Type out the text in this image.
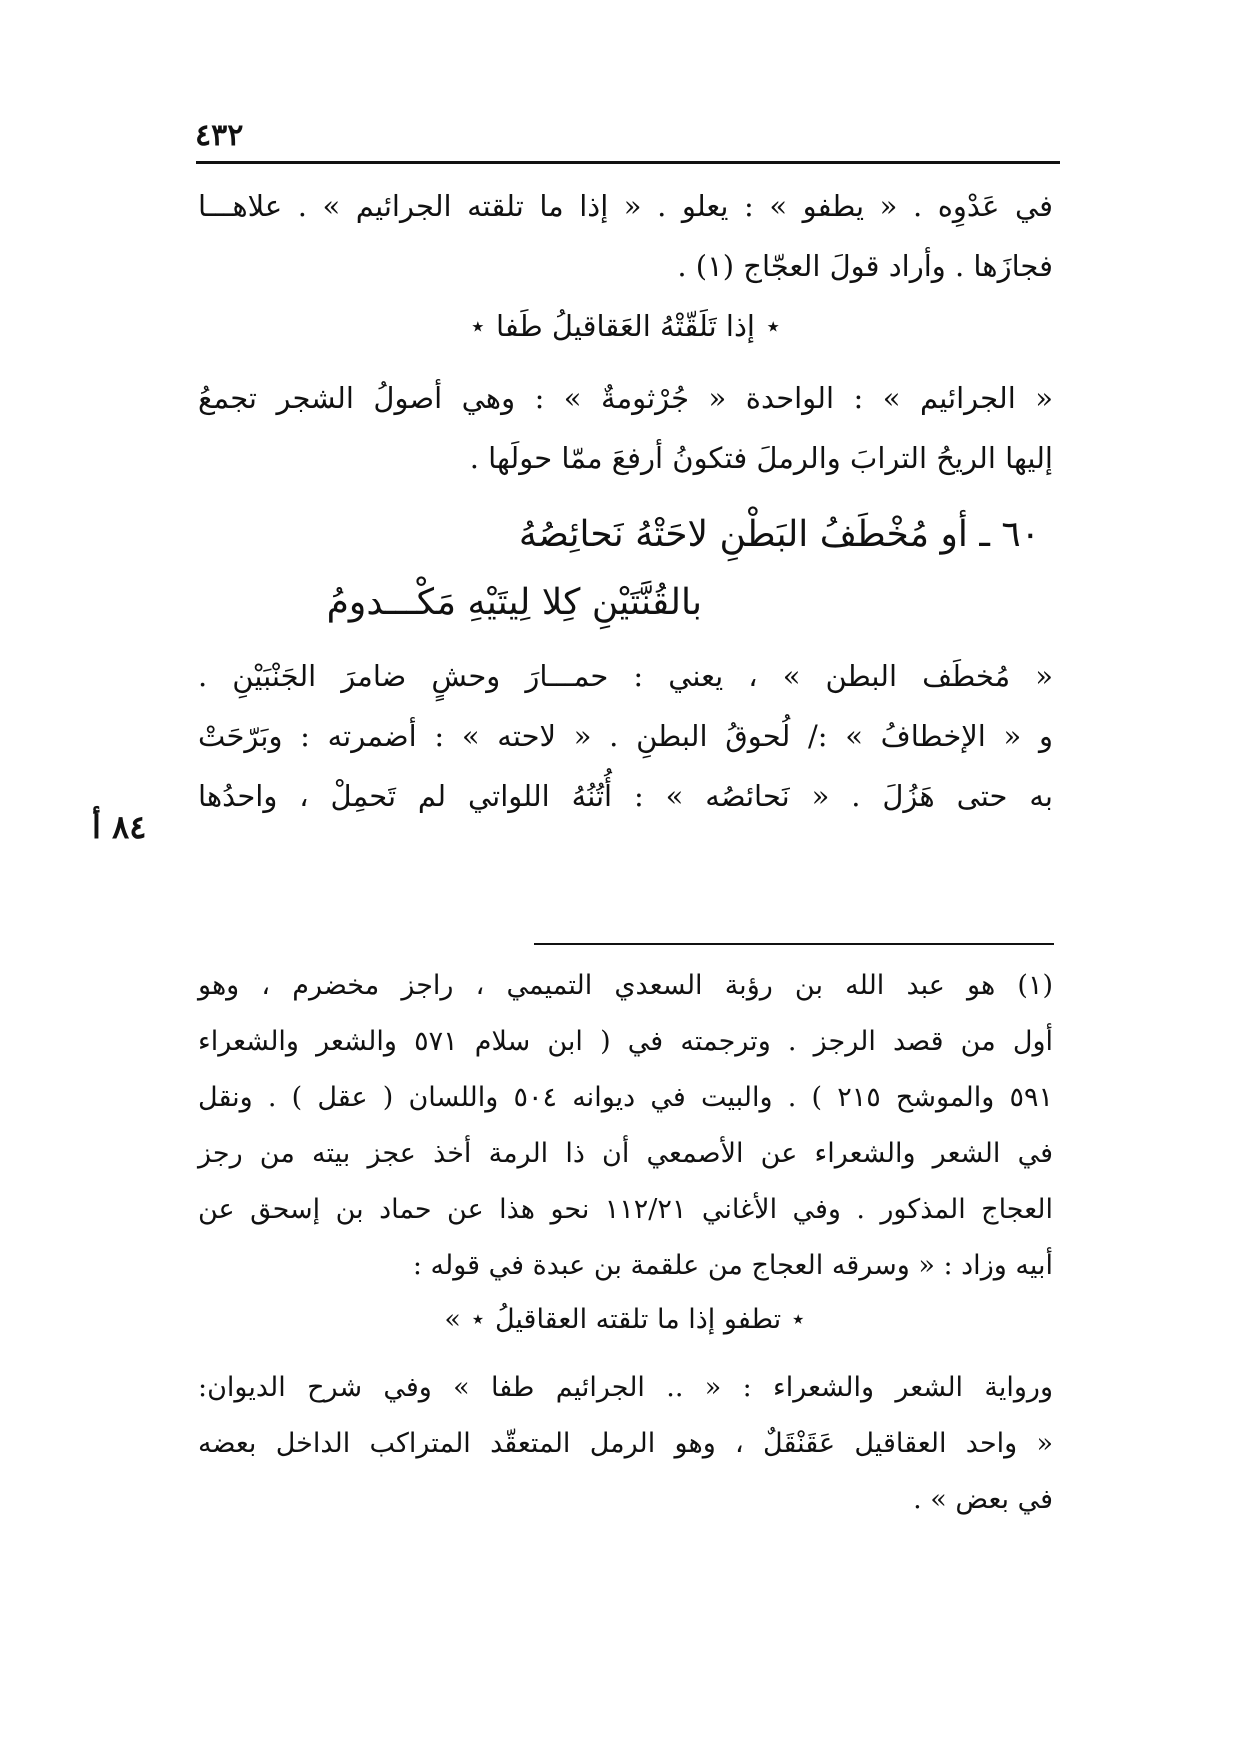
٤٣٢
في عَدْوِه . « يطفو » : يعلو . « إذا ما تلقته الجرائيم » . علاهـــا
فجازَها . وأراد قولَ العجّاج (١) .
⋆ إذا تَلَقّتْهُ العَقاقيلُ طَفا ⋆
« الجرائيم » : الواحدة « جُرْثومةٌ » : وهي أصولُ الشجر تجمعُ
إليها الريحُ الترابَ والرملَ فتكونُ أرفعَ ممّا حولَها .
٦٠ ـ أو مُخْطَفُ البَطْنِ لاحَتْهُ نَحائِصُهُ
بالقُنَّتَيْنِ كِلا لِيتَيْهِ مَكْـــدومُ
« مُخطَف البطن » ، يعني : حمـــارَ وحشٍ ضامرَ الجَنْبَيْنِ .
و « الإخطافُ » :/ لُحوقُ البطنِ . « لاحته » : أضمرته : وبَرّحَتْ
به حتى هَزُلَ . « نَحائصُه » : أُتُنُهُ اللواتي لم تَحمِلْ ، واحدُها
٨٤ أ
(١) هو عبد الله بن رؤبة السعدي التميمي ، راجز مخضرم ، وهو
أول من قصد الرجز . وترجمته في ( ابن سلام ٥٧١ والشعر والشعراء
٥٩١ والموشح ٢١٥ ) . والبيت في ديوانه ٥٠٤ واللسان ( عقل ) . ونقل
في الشعر والشعراء عن الأصمعي أن ذا الرمة أخذ عجز بيته من رجز
العجاج المذكور . وفي الأغاني ١١٢/٢١ نحو هذا عن حماد بن إسحق عن
أبيه وزاد : « وسرقه العجاج من علقمة بن عبدة في قوله :
⋆ تطفو إذا ما تلقته العقاقيلُ ⋆ »
ورواية الشعر والشعراء : « .. الجرائيم طفا » وفي شرح الديوان:
« واحد العقاقيل عَقَنْقَلٌ ، وهو الرمل المتعقّد المتراكب الداخل بعضه
في بعض » .
